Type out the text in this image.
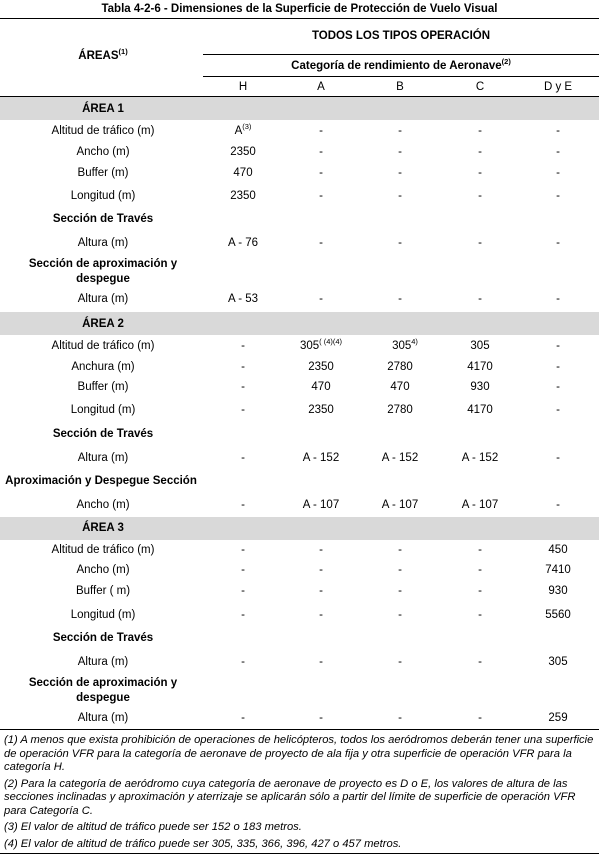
Tabla 4-2-6 - Dimensiones de la Superficie de Protección de Vuelo Visual
ÁREAS$^{(1)}$
TODOS LOS TIPOS OPERACIÓN
Categoría de rendimiento de Aeronave$^{(2)}$
H	A	B	C	D y E
ÁREA 1
Altitud de tráfico (m)	$A^{(3)}$	-	-	-	-
Ancho (m)	2350	-	-	-	-
Buffer (m)	470	-	-	-	-
Longitud (m)	2350	-	-	-	-
Sección de Través
Altura (m)	A - 76	-	-	-	-
Sección de aproximación y despegue
Altura (m)	A - 53	-	-	-	-
ÁREA 2
Altitud de tráfico (m)	-	$305^{( (4)(4)}$	305$^{4)}$	305	-
Anchura (m)	-	2350	2780	4170	-
Buffer (m)	-	470	470	930	-
Longitud (m)	-	2350	2780	4170	-
Sección de Través
Altura (m)	-	A - 152	A - 152	A - 152	-
Aproximación y Despegue Sección
Ancho (m)	-	A - 107	A - 107	A - 107	-
ÁREA 3
Altitud de tráfico (m)	-	-	-	-	450
Ancho (m)	-	-	-	-	7410
Buffer ( m)	-	-	-	-	930
Longitud (m)	-	-	-	-	5560
Sección de Través
Altura (m)	-	-	-	-	305
Sección de aproximación y despegue
Altura (m)	-	-	-	-	259

(1) A menos que exista prohibición de operaciones de helicópteros, todos los aeródromos deberán tener una superficie de operación VFR para la categoría de aeronave de proyecto de ala fija y otra superficie de operación VFR para la categoría H.

(2) Para la categoría de aeródromo cuya categoría de aeronave de proyecto es D o E, los valores de altura de las secciones inclinadas y aproximación y aterrizaje se aplicarán sólo a partir del límite de superficie de operación VFR para Categoría C.

(3) El valor de altitud de tráfico puede ser 152 o 183 metros.

(4) El valor de altitud de tráfico puede ser 305, 335, 366, 396, 427 o 457 metros.
